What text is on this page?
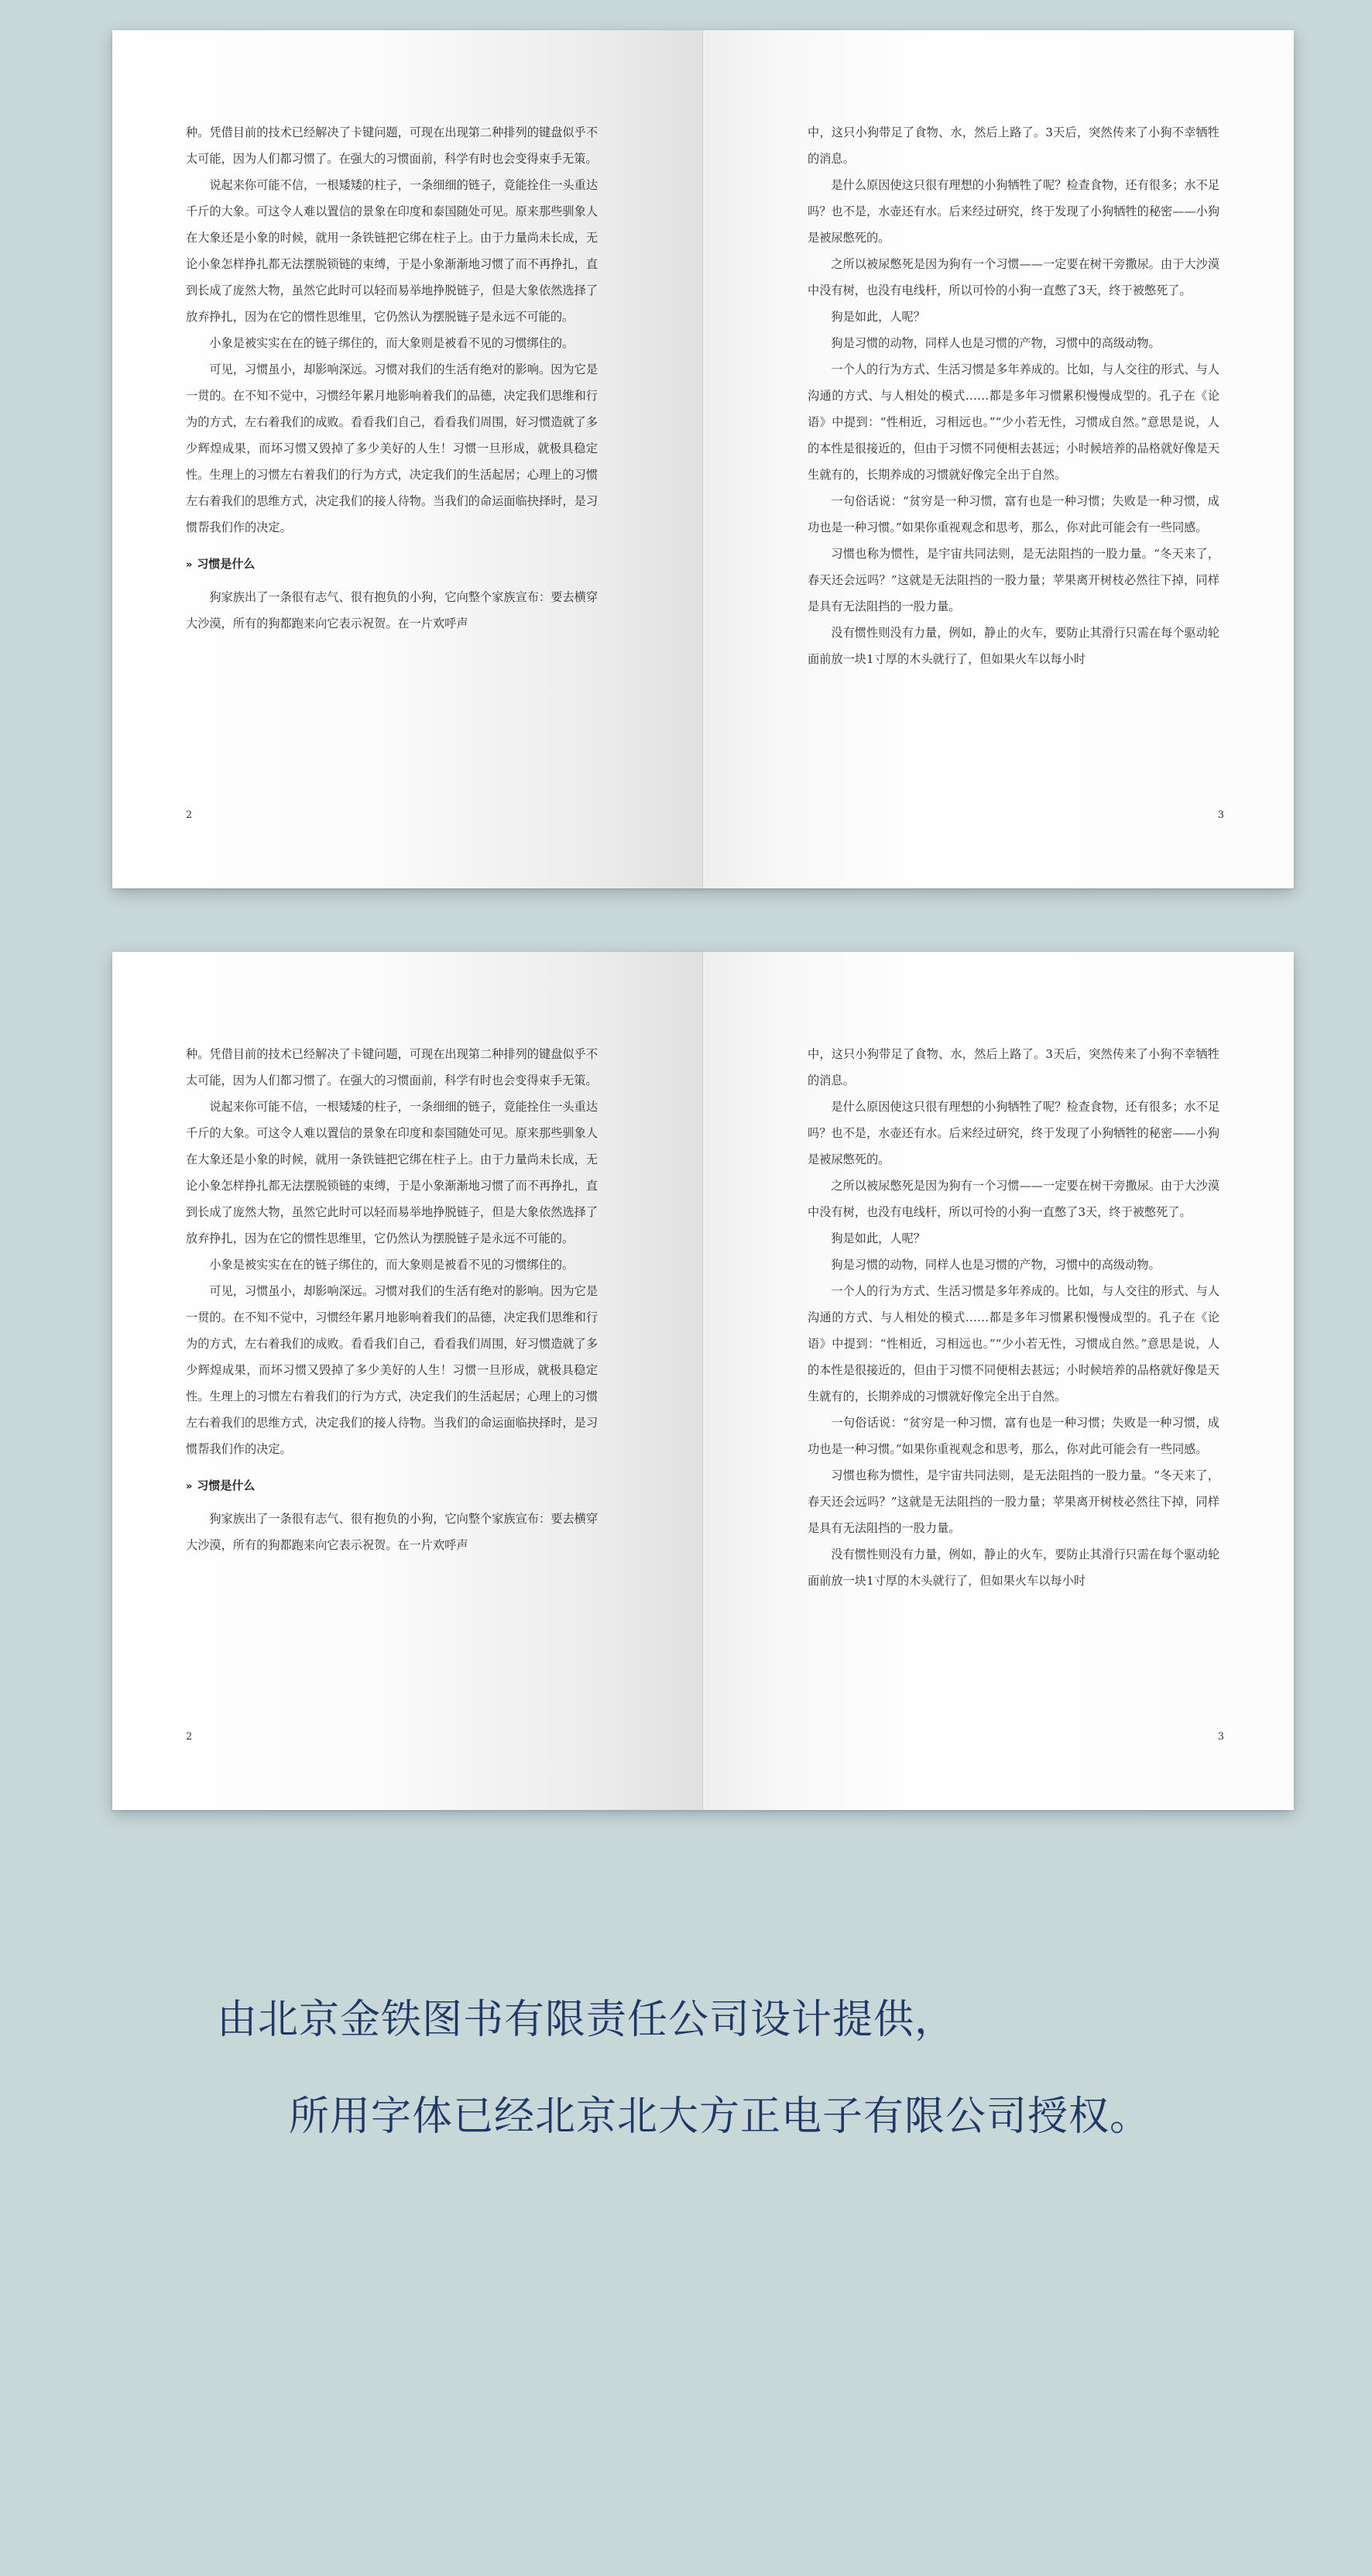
种。凭借目前的技术已经解决了卡键问题，可现在出现第二种排列的键盘似乎不太可能，因为人们都习惯了。在强大的习惯面前，科学有时也会变得束手无策。

说起来你可能不信，一根矮矮的柱子，一条细细的链子，竟能拴住一头重达千斤的大象。可这令人难以置信的景象在印度和泰国随处可见。原来那些驯象人在大象还是小象的时候，就用一条铁链把它绑在柱子上。由于力量尚未长成，无论小象怎样挣扎都无法摆脱锁链的束缚，于是小象渐渐地习惯了而不再挣扎，直到长成了庞然大物，虽然它此时可以轻而易举地挣脱链子，但是大象依然选择了放弃挣扎，因为在它的惯性思维里，它仍然认为摆脱链子是永远不可能的。

小象是被实实在在的链子绑住的，而大象则是被看不见的习惯绑住的。

可见，习惯虽小，却影响深远。习惯对我们的生活有绝对的影响。因为它是一贯的。在不知不觉中，习惯经年累月地影响着我们的品德，决定我们思维和行为的方式，左右着我们的成败。看看我们自己，看看我们周围，好习惯造就了多少辉煌成果，而坏习惯又毁掉了多少美好的人生！习惯一旦形成，就极具稳定性。生理上的习惯左右着我们的行为方式，决定我们的生活起居；心理上的习惯左右着我们的思维方式，决定我们的接人待物。当我们的命运面临抉择时，是习惯帮我们作的决定。

» 习惯是什么

狗家族出了一条很有志气、很有抱负的小狗，它向整个家族宣布：要去横穿大沙漠，所有的狗都跑来向它表示祝贺。在一片欢呼声

2

中，这只小狗带足了食物、水，然后上路了。3天后，突然传来了小狗不幸牺牲的消息。

是什么原因使这只很有理想的小狗牺牲了呢？检查食物，还有很多；水不足吗？也不是，水壶还有水。后来经过研究，终于发现了小狗牺牲的秘密——小狗是被尿憋死的。

之所以被尿憋死是因为狗有一个习惯——一定要在树干旁撒尿。由于大沙漠中没有树，也没有电线杆，所以可怜的小狗一直憋了3天，终于被憋死了。

狗是如此，人呢？

狗是习惯的动物，同样人也是习惯的产物，习惯中的高级动物。

一个人的行为方式、生活习惯是多年养成的。比如，与人交往的形式、与人沟通的方式、与人相处的模式……都是多年习惯累积慢慢成型的。孔子在《论语》中提到：“性相近，习相远也。”“少小若无性，习惯成自然。”意思是说，人的本性是很接近的，但由于习惯不同便相去甚远；小时候培养的品格就好像是天生就有的，长期养成的习惯就好像完全出于自然。

一句俗话说：“贫穷是一种习惯，富有也是一种习惯；失败是一种习惯，成功也是一种习惯。”如果你重视观念和思考，那么，你对此可能会有一些同感。

习惯也称为惯性，是宇宙共同法则，是无法阻挡的一股力量。“冬天来了，春天还会远吗？”这就是无法阻挡的一股力量；苹果离开树枝必然往下掉，同样是具有无法阻挡的一股力量。

没有惯性则没有力量，例如，静止的火车，要防止其滑行只需在每个驱动轮面前放一块1寸厚的木头就行了，但如果火车以每小时

3

种。凭借目前的技术已经解决了卡键问题，可现在出现第二种排列的键盘似乎不太可能，因为人们都习惯了。在强大的习惯面前，科学有时也会变得束手无策。

说起来你可能不信，一根矮矮的柱子，一条细细的链子，竟能拴住一头重达千斤的大象。可这令人难以置信的景象在印度和泰国随处可见。原来那些驯象人在大象还是小象的时候，就用一条铁链把它绑在柱子上。由于力量尚未长成，无论小象怎样挣扎都无法摆脱锁链的束缚，于是小象渐渐地习惯了而不再挣扎，直到长成了庞然大物，虽然它此时可以轻而易举地挣脱链子，但是大象依然选择了放弃挣扎，因为在它的惯性思维里，它仍然认为摆脱链子是永远不可能的。

小象是被实实在在的链子绑住的，而大象则是被看不见的习惯绑住的。

可见，习惯虽小，却影响深远。习惯对我们的生活有绝对的影响。因为它是一贯的。在不知不觉中，习惯经年累月地影响着我们的品德，决定我们思维和行为的方式，左右着我们的成败。看看我们自己，看看我们周围，好习惯造就了多少辉煌成果，而坏习惯又毁掉了多少美好的人生！习惯一旦形成，就极具稳定性。生理上的习惯左右着我们的行为方式，决定我们的生活起居；心理上的习惯左右着我们的思维方式，决定我们的接人待物。当我们的命运面临抉择时，是习惯帮我们作的决定。

» 习惯是什么

狗家族出了一条很有志气、很有抱负的小狗，它向整个家族宣布：要去横穿大沙漠，所有的狗都跑来向它表示祝贺。在一片欢呼声

2

中，这只小狗带足了食物、水，然后上路了。3天后，突然传来了小狗不幸牺牲的消息。

是什么原因使这只很有理想的小狗牺牲了呢？检查食物，还有很多；水不足吗？也不是，水壶还有水。后来经过研究，终于发现了小狗牺牲的秘密——小狗是被尿憋死的。

之所以被尿憋死是因为狗有一个习惯——一定要在树干旁撒尿。由于大沙漠中没有树，也没有电线杆，所以可怜的小狗一直憋了3天，终于被憋死了。

狗是如此，人呢？

狗是习惯的动物，同样人也是习惯的产物，习惯中的高级动物。

一个人的行为方式、生活习惯是多年养成的。比如，与人交往的形式、与人沟通的方式、与人相处的模式……都是多年习惯累积慢慢成型的。孔子在《论语》中提到：“性相近，习相远也。”“少小若无性，习惯成自然。”意思是说，人的本性是很接近的，但由于习惯不同便相去甚远；小时候培养的品格就好像是天生就有的，长期养成的习惯就好像完全出于自然。

一句俗话说：“贫穷是一种习惯，富有也是一种习惯；失败是一种习惯，成功也是一种习惯。”如果你重视观念和思考，那么，你对此可能会有一些同感。

习惯也称为惯性，是宇宙共同法则，是无法阻挡的一股力量。“冬天来了，春天还会远吗？”这就是无法阻挡的一股力量；苹果离开树枝必然往下掉，同样是具有无法阻挡的一股力量。

没有惯性则没有力量，例如，静止的火车，要防止其滑行只需在每个驱动轮面前放一块1寸厚的木头就行了，但如果火车以每小时

3

由北京金铁图书有限责任公司设计提供，

所用字体已经北京北大方正电子有限公司授权。
